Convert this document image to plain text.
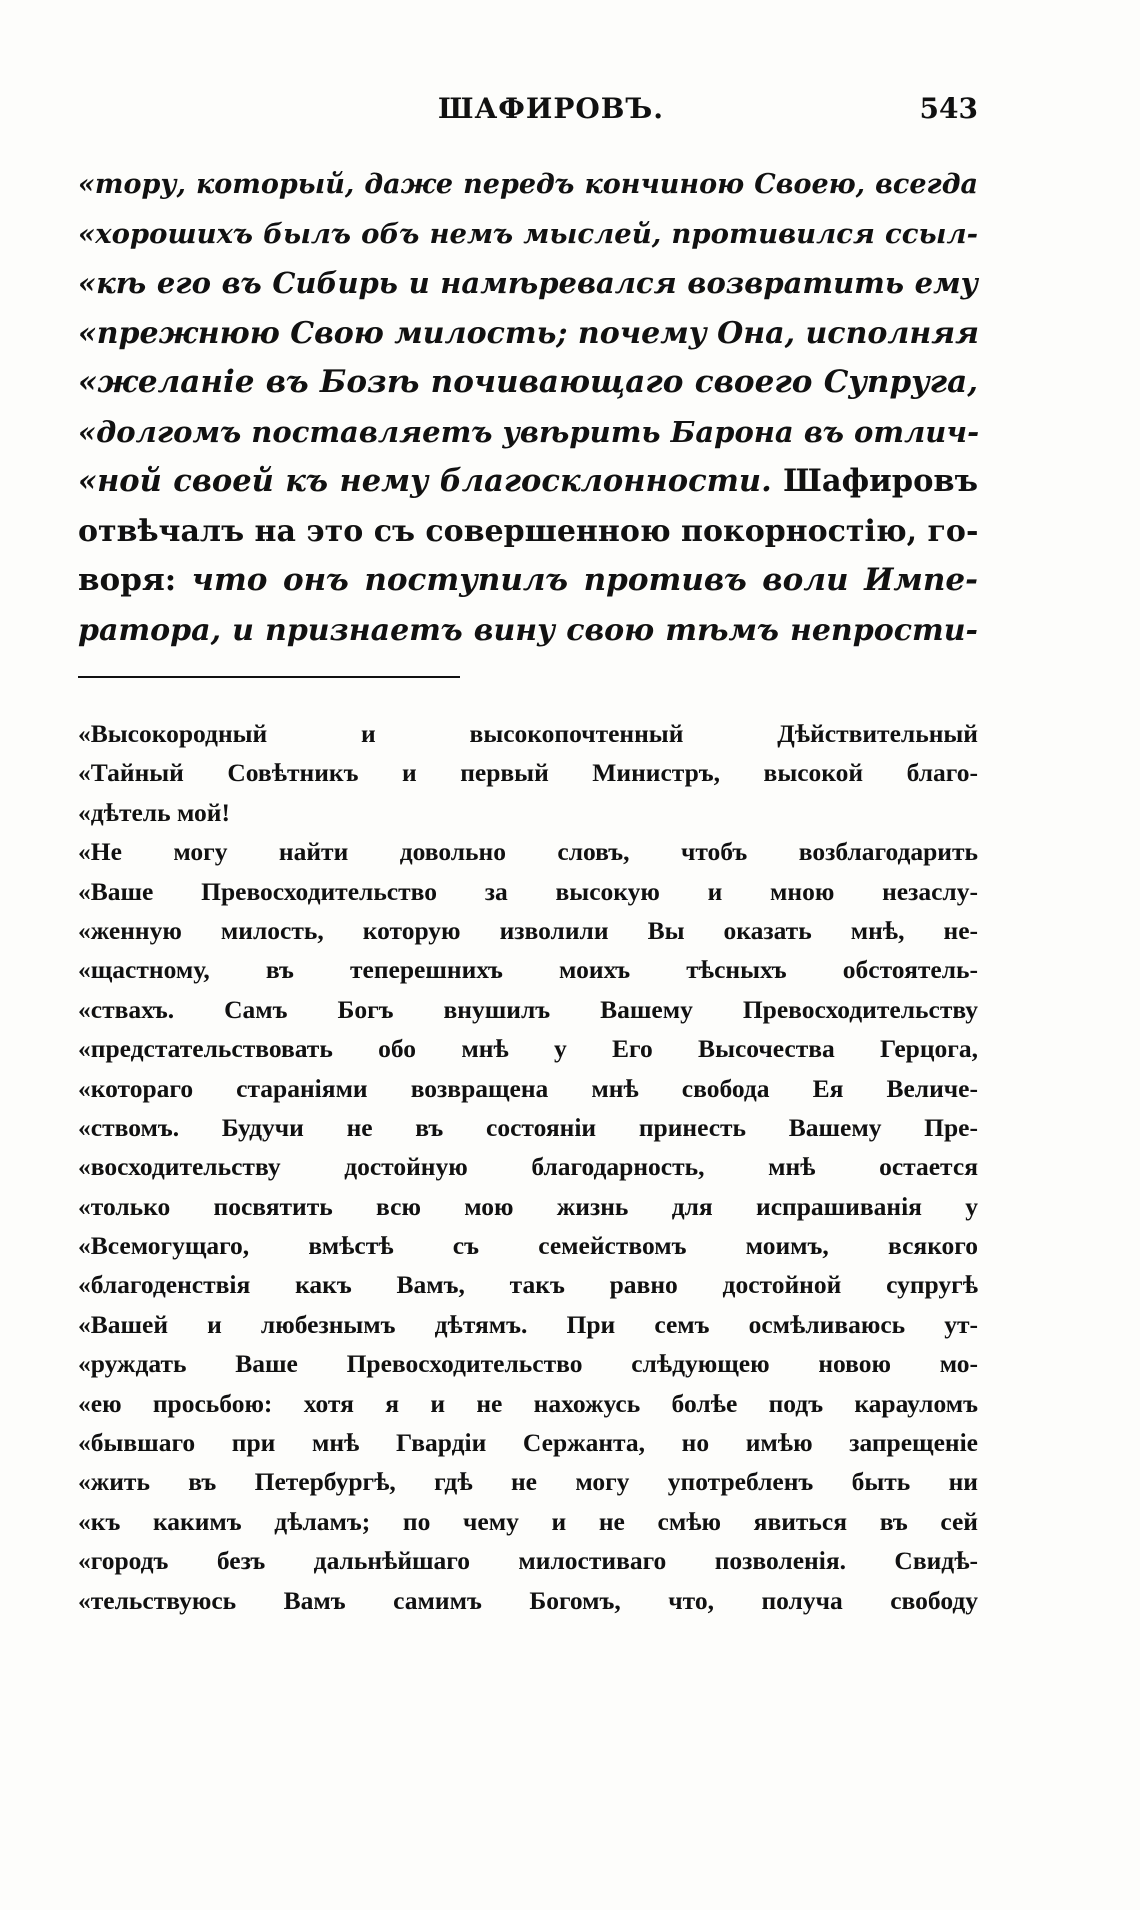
ШАФИРОВЪ.	543
«тору, который, даже передъ кончиною Своею, всегда
«хорошихъ былъ объ немъ мыслей, противился ссыл-
«кѣ его въ Сибирь и намѣревался возвратить ему
«прежнюю Свою милость; почему Она, исполняя
«желаніе въ Бозѣ почивающаго своего Супруга,
«долгомъ поставляетъ увѣрить Барона въ отлич-
«ной своей къ нему благосклонности. Шафировъ
отвѣчалъ на это съ совершенною покорностію, го-
воря: что онъ поступилъ противъ воли Импе-
ратора, и признаетъ вину свою тѣмъ непрости-
«Высокородный и высокопочтенный Дѣйствительный
«Тайный Совѣтникъ и первый Министръ, высокой благо-
«дѣтель мой!
«Не могу найти довольно словъ, чтобъ возблагодарить
«Ваше Превосходительство за высокую и мною незаслу-
«женную милость, которую изволили Вы оказать мнѣ, не-
«щастному, въ теперешнихъ моихъ тѣсныхъ обстоятель-
«ствахъ. Самъ Богъ внушилъ Вашему Превосходительству
«предстательствовать обо мнѣ у Его Высочества Герцога,
«котораго стараніями возвращена мнѣ свобода Ея Величе-
«ствомъ. Будучи не въ состояніи принесть Вашему Пре-
«восходительству достойную благодарность, мнѣ остается
«только посвятить всю мою жизнь для испрашиванія у
«Всемогущаго, вмѣстѣ съ семействомъ моимъ, всякого
«благоденствія какъ Вамъ, такъ равно достойной супругѣ
«Вашей и любезнымъ дѣтямъ. При семъ осмѣливаюсь ут-
«руждать Ваше Превосходительство слѣдующею новою мо-
«ею просьбою: хотя я и не нахожусь болѣе подъ карауломъ
«бывшаго при мнѣ Гвардіи Сержанта, но имѣю запрещеніе
«жить въ Петербургѣ, гдѣ не могу употребленъ быть ни
«къ какимъ дѣламъ; по чему и не смѣю явиться въ сей
«городъ безъ дальнѣйшаго милостиваго позволенія. Свидѣ-
«тельствуюсь Вамъ самимъ Богомъ, что, получа свободу
